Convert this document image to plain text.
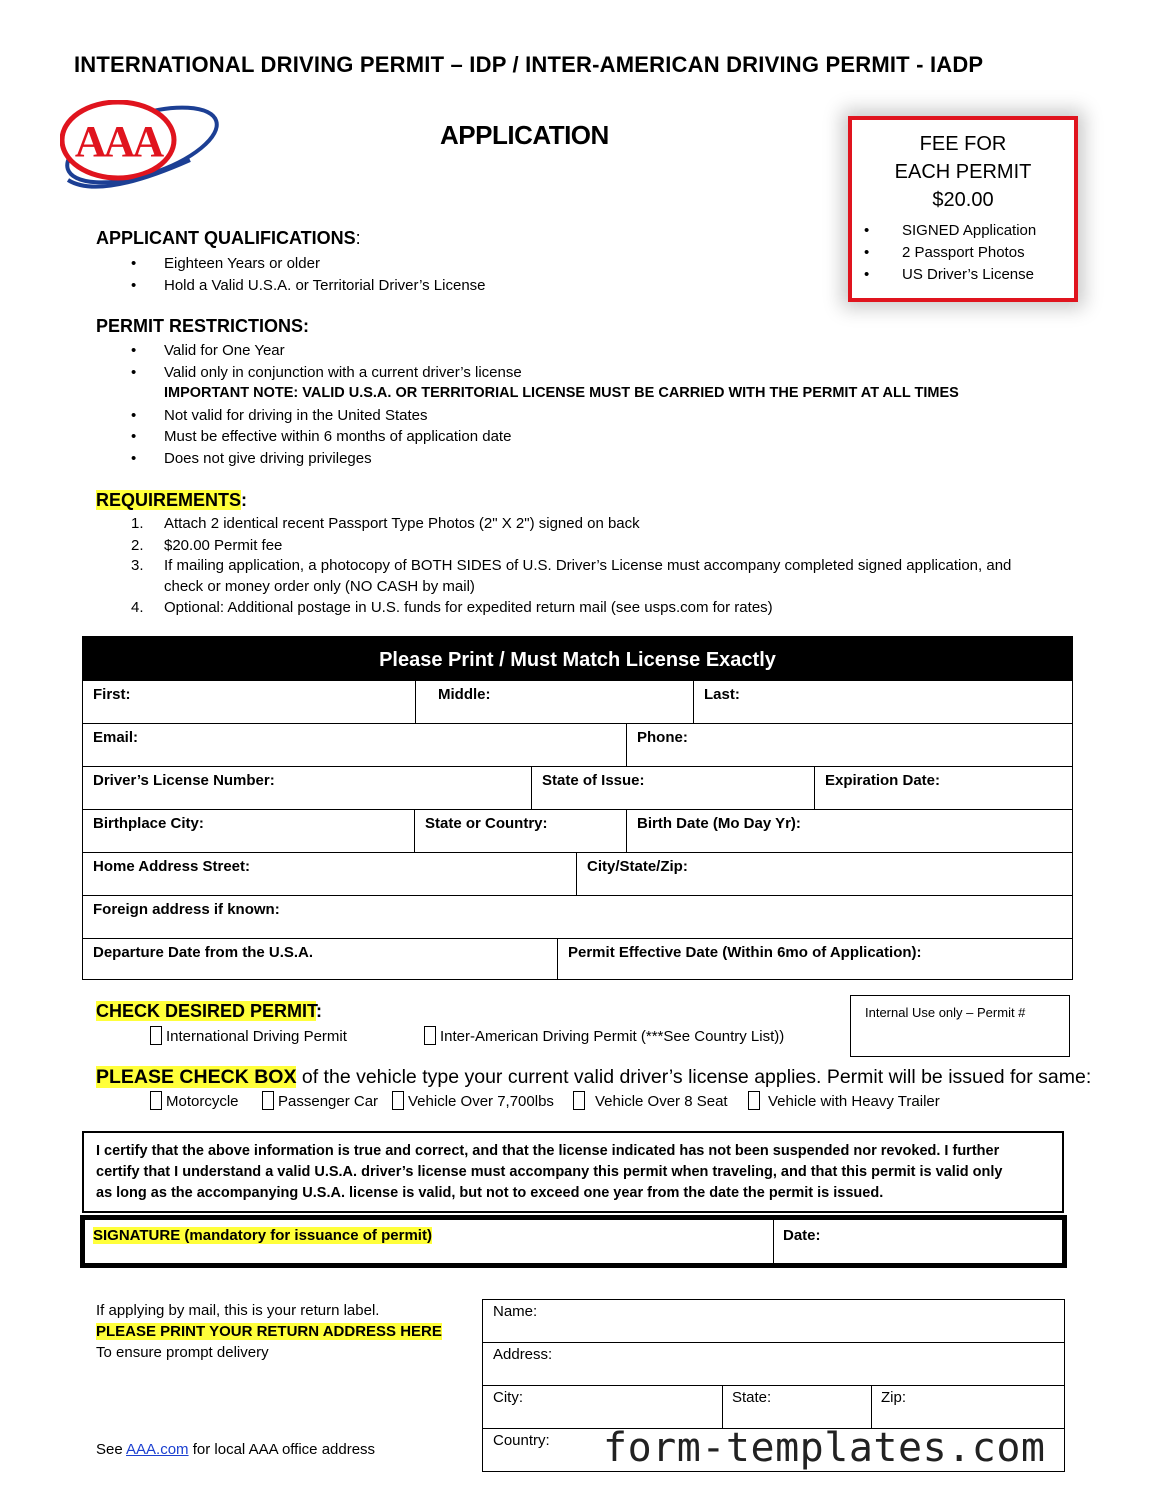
INTERNATIONAL DRIVING PERMIT – IDP / INTER-AMERICAN DRIVING PERMIT - IADP
AAA	APPLICATION	FEE FOR
EACH PERMIT
$20.00
• SIGNED Application
• 2 Passport Photos
• US Driver’s License
APPLICANT QUALIFICATIONS:
• Eighteen Years or older
• Hold a Valid U.S.A. or Territorial Driver’s License
PERMIT RESTRICTIONS:
• Valid for One Year
• Valid only in conjunction with a current driver’s license
IMPORTANT NOTE: VALID U.S.A. OR TERRITORIAL LICENSE MUST BE CARRIED WITH THE PERMIT AT ALL TIMES
• Not valid for driving in the United States
• Must be effective within 6 months of application date
• Does not give driving privileges
REQUIREMENTS:
1. Attach 2 identical recent Passport Type Photos (2" X 2") signed on back
2. $20.00 Permit fee
3. If mailing application, a photocopy of BOTH SIDES of U.S. Driver’s License must accompany completed signed application, and
check or money order only (NO CASH by mail)
4. Optional: Additional postage in U.S. funds for expedited return mail (see usps.com for rates)
Please Print / Must Match License Exactly
First:	Middle:	Last:
Email:	Phone:
Driver’s License Number:	State of Issue:	Expiration Date:
Birthplace City:	State or Country:	Birth Date (Mo Day Yr):
Home Address Street:	City/State/Zip:
Foreign address if known:
Departure Date from the U.S.A.	Permit Effective Date (Within 6mo of Application):
CHECK DESIRED PERMIT:
International Driving Permit	Inter-American Driving Permit (***See Country List))
Internal Use only – Permit #
PLEASE CHECK BOX of the vehicle type your current valid driver’s license applies. Permit will be issued for same:
Motorcycle	Passenger Car	Vehicle Over 7,700lbs	Vehicle Over 8 Seat	Vehicle with Heavy Trailer
I certify that the above information is true and correct, and that the license indicated has not been suspended nor revoked. I further
certify that I understand a valid U.S.A. driver’s license must accompany this permit when traveling, and that this permit is valid only
as long as the accompanying U.S.A. license is valid, but not to exceed one year from the date the permit is issued.
SIGNATURE (mandatory for issuance of permit)	Date:
If applying by mail, this is your return label.
PLEASE PRINT YOUR RETURN ADDRESS HERE
To ensure prompt delivery
See AAA.com for local AAA office address
Name:
Address:
City:	State:	Zip:
Country: form-templates.com
